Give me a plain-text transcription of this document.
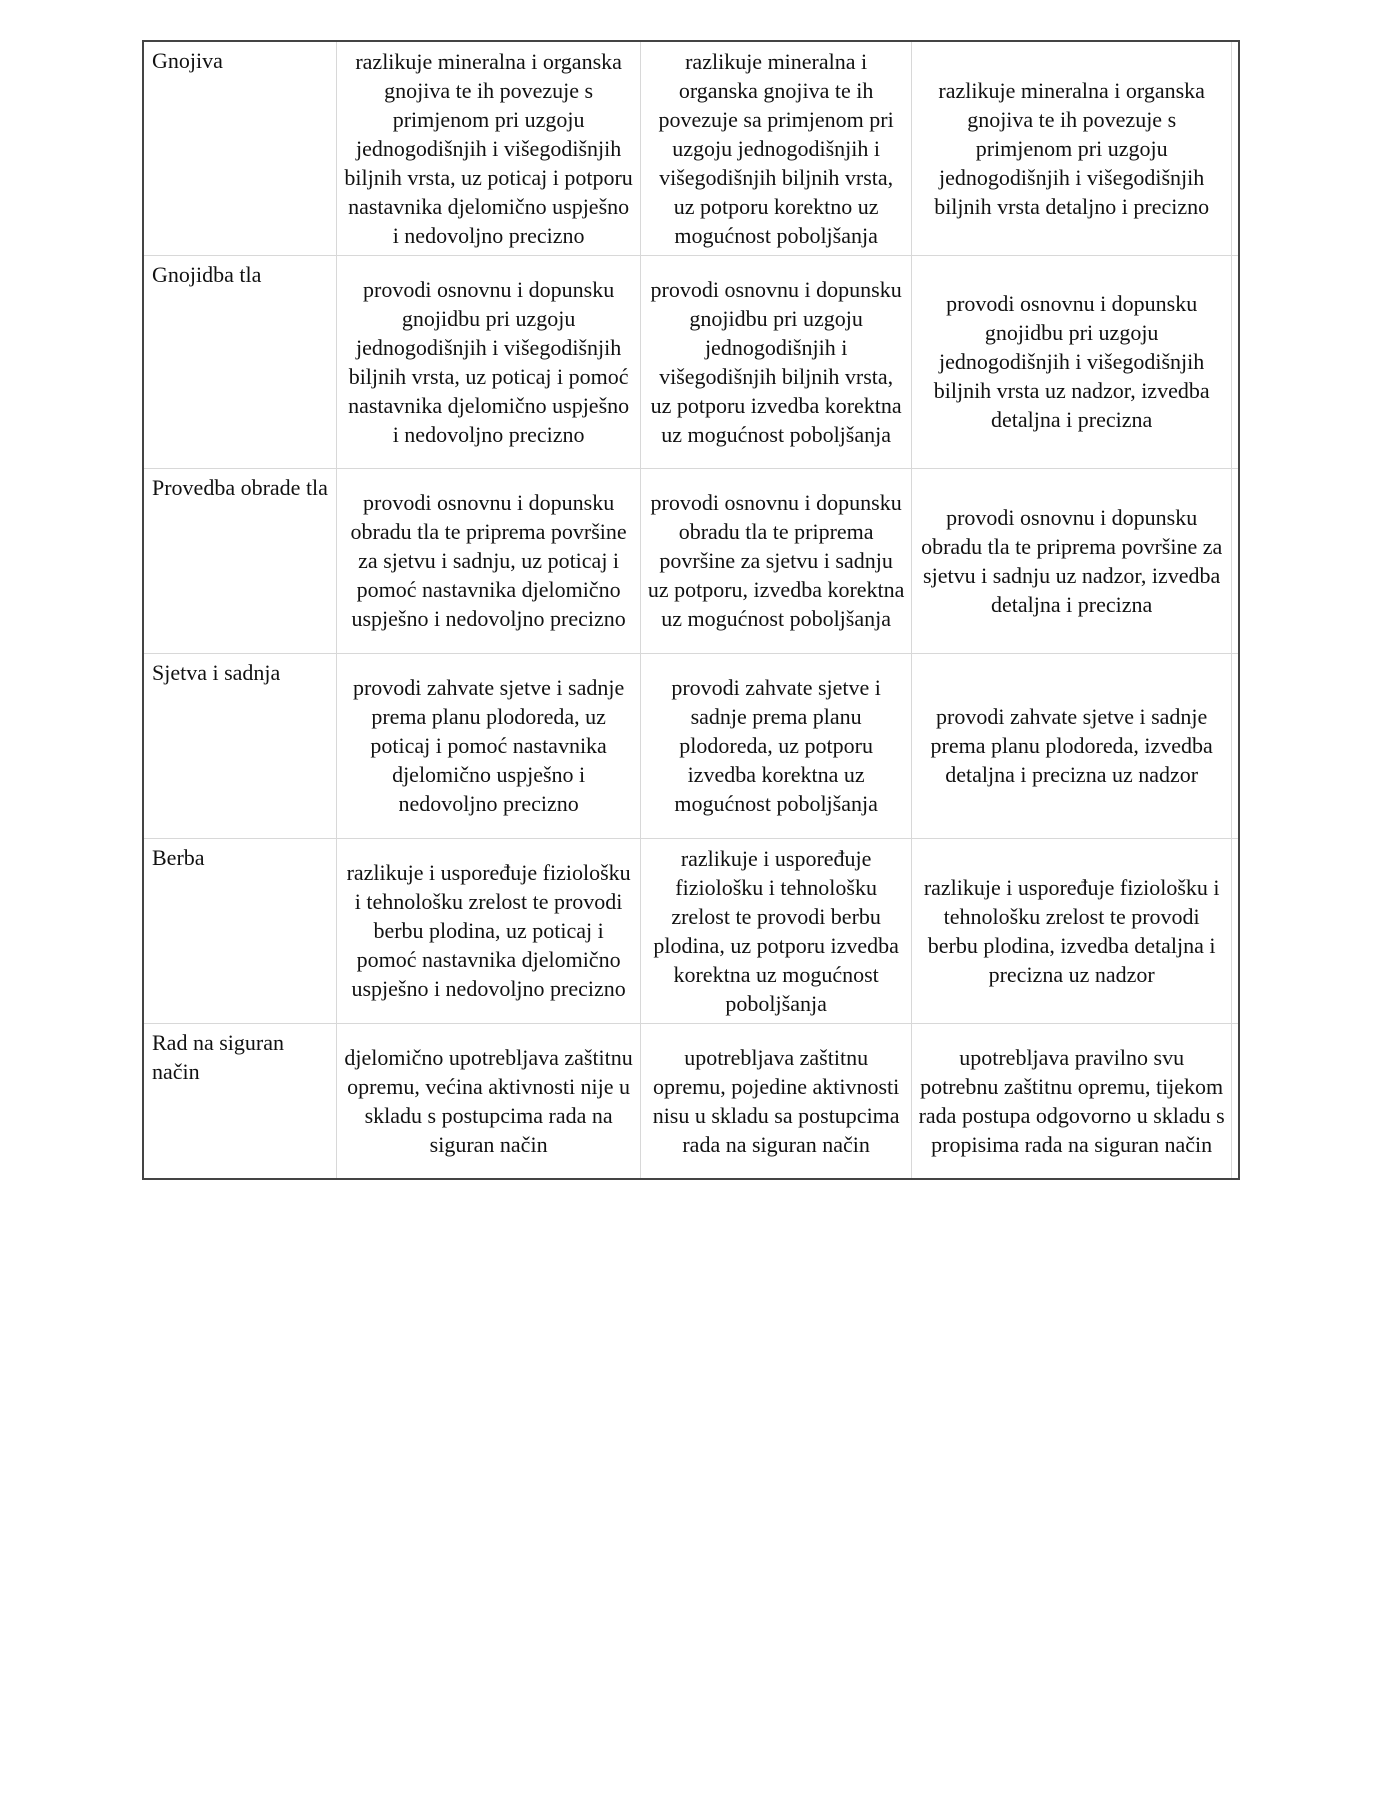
Gnojiva	razlikuje mineralna i organska gnojiva te ih povezuje s primjenom pri uzgoju jednogodišnjih i višegodišnjih biljnih vrsta, uz poticaj i potporu nastavnika djelomično uspješno i nedovoljno precizno	razlikuje mineralna i organska gnojiva te ih povezuje sa primjenom pri uzgoju jednogodišnjih i višegodišnjih biljnih vrsta, uz potporu korektno uz mogućnost poboljšanja	razlikuje mineralna i organska gnojiva te ih povezuje s primjenom pri uzgoju jednogodišnjih i višegodišnjih biljnih vrsta detaljno i precizno	
Gnojidba tla	provodi osnovnu i dopunsku gnojidbu pri uzgoju jednogodišnjih i višegodišnjih biljnih vrsta, uz poticaj i pomoć nastavnika djelomično uspješno i nedovoljno precizno	provodi osnovnu i dopunsku gnojidbu pri uzgoju jednogodišnjih i višegodišnjih biljnih vrsta, uz potporu izvedba korektna uz mogućnost poboljšanja	provodi osnovnu i dopunsku gnojidbu pri uzgoju jednogodišnjih i višegodišnjih biljnih vrsta uz nadzor, izvedba detaljna i precizna	
Provedba obrade tla	provodi osnovnu i dopunsku obradu tla te priprema površine za sjetvu i sadnju, uz poticaj i pomoć nastavnika djelomično uspješno i nedovoljno precizno	provodi osnovnu i dopunsku obradu tla te priprema površine za sjetvu i sadnju uz potporu, izvedba korektna uz mogućnost poboljšanja	provodi osnovnu i dopunsku obradu tla te priprema površine za sjetvu i sadnju uz nadzor, izvedba detaljna i precizna	
Sjetva i sadnja	provodi zahvate sjetve i sadnje prema planu plodoreda, uz poticaj i pomoć nastavnika djelomično uspješno i nedovoljno precizno	provodi zahvate sjetve i sadnje prema planu plodoreda, uz potporu izvedba korektna uz mogućnost poboljšanja	provodi zahvate sjetve i sadnje prema planu plodoreda, izvedba detaljna i precizna uz nadzor	
Berba	razlikuje i uspoređuje fiziološku i tehnološku zrelost te provodi berbu plodina, uz poticaj i pomoć nastavnika djelomično uspješno i nedovoljno precizno	razlikuje i uspoređuje fiziološku i tehnološku zrelost te provodi berbu plodina, uz potporu izvedba korektna uz mogućnost poboljšanja	razlikuje i uspoređuje fiziološku i tehnološku zrelost te provodi berbu plodina, izvedba detaljna i precizna uz nadzor	
Rad na siguran način	djelomično upotrebljava zaštitnu opremu, većina aktivnosti nije u skladu s postupcima rada na siguran način	upotrebljava zaštitnu opremu, pojedine aktivnosti nisu u skladu sa postupcima rada na siguran način	upotrebljava pravilno svu potrebnu zaštitnu opremu, tijekom rada postupa odgovorno u skladu s propisima rada na siguran način	
